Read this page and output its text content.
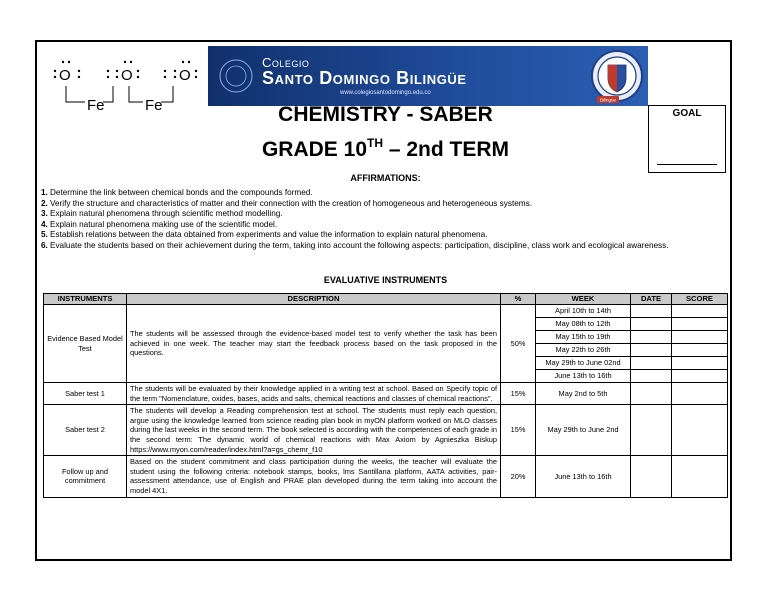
O	O	O
Fe	Fe
Colegio
Santo Domingo Bilingüe
www.colegiosantodomingo.edu.co
Bilingüe
CHEMISTRY - SABER
GRADE 10TH – 2nd TERM
GOAL
AFFIRMATIONS:
1. Determine the link between chemical bonds and the compounds formed.
2. Verify the structure and characteristics of matter and their connection with the creation of homogeneous and heterogeneous systems.
3. Explain natural phenomena through scientific method modelling.
4. Explain natural phenomena making use of the scientific model.
5. Establish relations between the data obtained from experiments and value the information to explain natural phenomena.
6. Evaluate the students based on their achievement during the term, taking into account the following aspects: participation, discipline, class work and ecological awareness.
EVALUATIVE INSTRUMENTS
INSTRUMENTS	DESCRIPTION	%	WEEK	DATE	SCORE
Evidence Based Model Test	The students will be assessed through the evidence-based model test to verify whether the task has been achieved in one week. The teacher may start the feedback process based on the task proposed in the questions.	50%	April 10th to 14th		
			May 08th to 12th		
			May 15th to 19th		
			May 22th to 26th		
			May 29th to June 02nd		
			June 13th to 16th		
Saber test 1	The students will be evaluated by their knowledge applied in a writing test at school. Based on Specify topic of the term "Nomenclature, oxides, bases, acids and salts, chemical reactions and classes of chemical reactions".	15%	May 2nd to 5th		
Saber test 2	The students will develop a Reading comprehension test at school. The students must reply each question, argue using the knowledge learned from science reading plan book in myON platform worked on MLO classes during the last weeks in the second term. The book selected is according with the competences of each grade in the second term: The dynamic world of chemical reactions with Max Axiom by Agnieszka Biskup https://www.myon.com/reader/index.html?a=gs_chemr_f10	15%	May 29th to June 2nd		
Follow up and commitment	Based on the student commitment and class participation during the weeks, the teacher will evaluate the student using the following criteria: notebook stamps, books, lms Santillana platform, AATA activities, pair-assessment attendance, use of English and PRAE plan developed during the term taking into account the model 4X1.	20%	June 13th to 16th		
